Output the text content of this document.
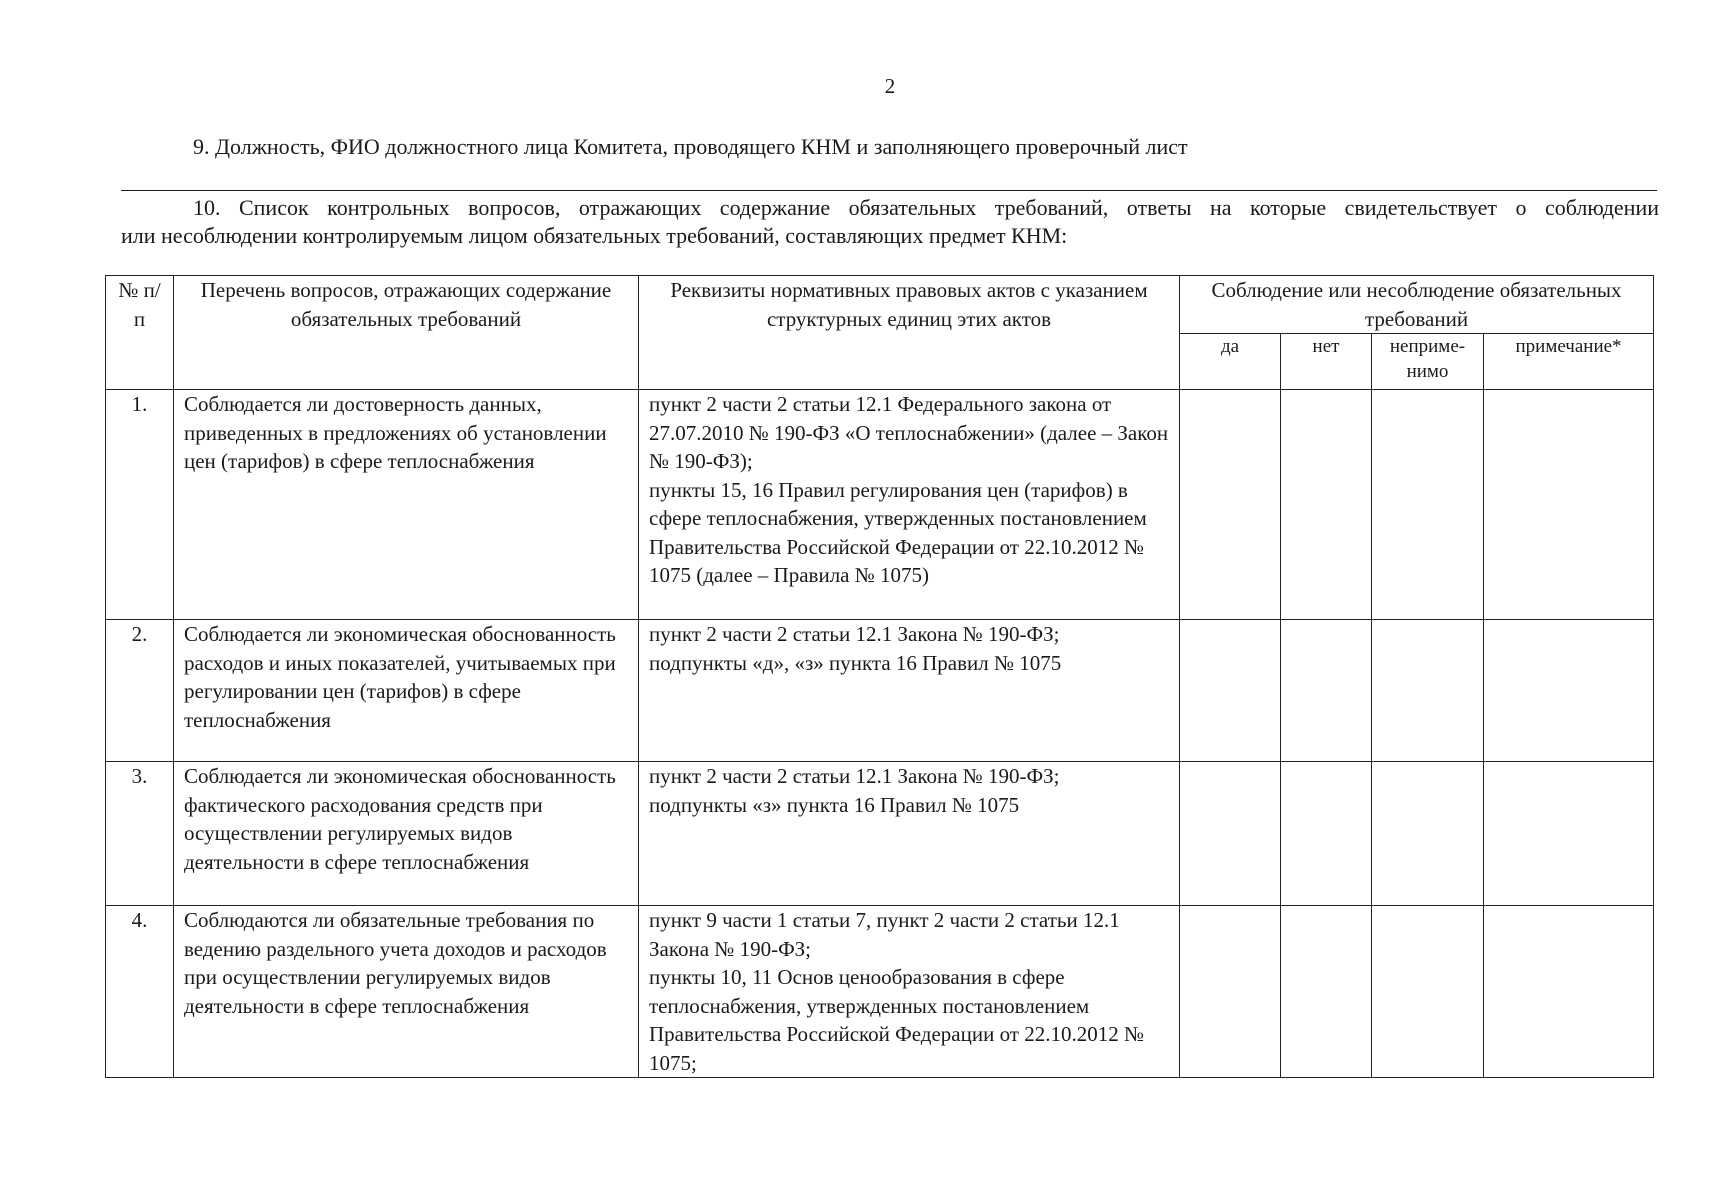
2
9. Должность, ФИО должностного лица Комитета, проводящего КНМ и заполняющего проверочный лист
10. Список контрольных вопросов, отражающих содержание обязательных требований, ответы на которые свидетельствует о соблюдении
или несоблюдении контролируемым лицом обязательных требований, составляющих предмет КНМ:
№ п/п	Перечень вопросов, отражающих содержание обязательных требований	Реквизиты нормативных правовых актов с указанием структурных единиц этих актов	Соблюдение или несоблюдение обязательных требований			
			да	нет	неприме-нимо	примечание*
1.	Соблюдается ли достоверность данных, приведенных в предложениях об установлении цен (тарифов) в сфере теплоснабжения	пункт 2 части 2 статьи 12.1 Федерального закона от 27.07.2010 № 190-ФЗ «О теплоснабжении» (далее – Закон № 190-ФЗ);
пункты 15, 16 Правил регулирования цен (тарифов) в сфере теплоснабжения, утвержденных постановлением Правительства Российской Федерации от 22.10.2012 № 1075 (далее – Правила № 1075)				

2.	Соблюдается ли экономическая обоснованность расходов и иных показателей, учитываемых при регулировании цен (тарифов) в сфере теплоснабжения	пункт 2 части 2 статьи 12.1 Закона № 190-ФЗ;
подпункты «д», «з» пункта 16 Правил № 1075				

3.	Соблюдается ли экономическая обоснованность фактического расходования средств при осуществлении регулируемых видов деятельности в сфере теплоснабжения	пункт 2 части 2 статьи 12.1 Закона № 190-ФЗ;
подпункты «з» пункта 16 Правил № 1075				

4.	Соблюдаются ли обязательные требования по ведению раздельного учета доходов и расходов при осуществлении регулируемых видов деятельности в сфере теплоснабжения	пункт 9 части 1 статьи 7, пункт 2 части 2 статьи 12.1 Закона № 190-ФЗ;
пункты 10, 11 Основ ценообразования в сфере теплоснабжения, утвержденных постановлением Правительства Российской Федерации от 22.10.2012 № 1075;				
